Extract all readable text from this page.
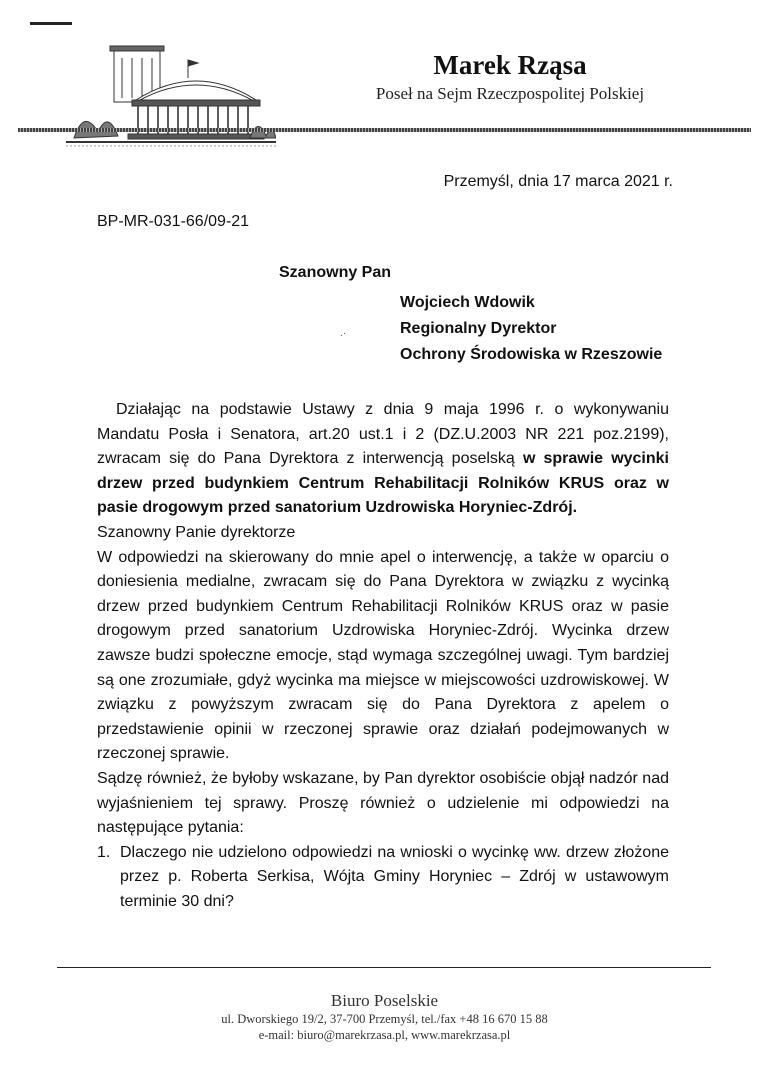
Marek Rząsa
Poseł na Sejm Rzeczpospolitej Polskiej
Przemyśl, dnia 17 marca 2021 r.
BP-MR-031-66/09-21
Szanowny Pan
Wojciech Wdowik
Regionalny Dyrektor
Ochrony Środowiska w Rzeszowie
.·

Działając na podstawie Ustawy z dnia 9 maja 1996 r. o wykonywaniu Mandatu Posła i Senatora, art.20 ust.1 i 2 (DZ.U.2003 NR 221 poz.2199), zwracam się do Pana Dyrektora z interwencją poselską w sprawie wycinki drzew przed budynkiem Centrum Rehabilitacji Rolników KRUS oraz w pasie drogowym przed sanatorium Uzdrowiska Horyniec-Zdrój.

Szanowny Panie dyrektorze

W odpowiedzi na skierowany do mnie apel o interwencję, a także w oparciu o doniesienia medialne, zwracam się do Pana Dyrektora w związku z wycinką drzew przed budynkiem Centrum Rehabilitacji Rolników KRUS oraz w pasie drogowym przed sanatorium Uzdrowiska Horyniec-Zdrój. Wycinka drzew zawsze budzi społeczne emocje, stąd wymaga szczególnej uwagi. Tym bardziej są one zrozumiałe, gdyż wycinka ma miejsce w miejscowości uzdrowiskowej. W związku z powyższym zwracam się do Pana Dyrektora z apelem o przedstawienie opinii w rzeczonej sprawie oraz działań podejmowanych w rzeczonej sprawie.

Sądzę również, że byłoby wskazane, by Pan dyrektor osobiście objął nadzór nad wyjaśnieniem tej sprawy. Proszę również o udzielenie mi odpowiedzi na następujące pytania:

1. Dlaczego nie udzielono odpowiedzi na wnioski o wycinkę ww. drzew złożone przez p. Roberta Serkisa, Wójta Gminy Horyniec – Zdrój w ustawowym terminie 30 dni?
Biuro Poselskie
ul. Dworskiego 19/2, 37-700 Przemyśl, tel./fax +48 16 670 15 88
e-mail: biuro@marekrzasa.pl, www.marekrzasa.pl
